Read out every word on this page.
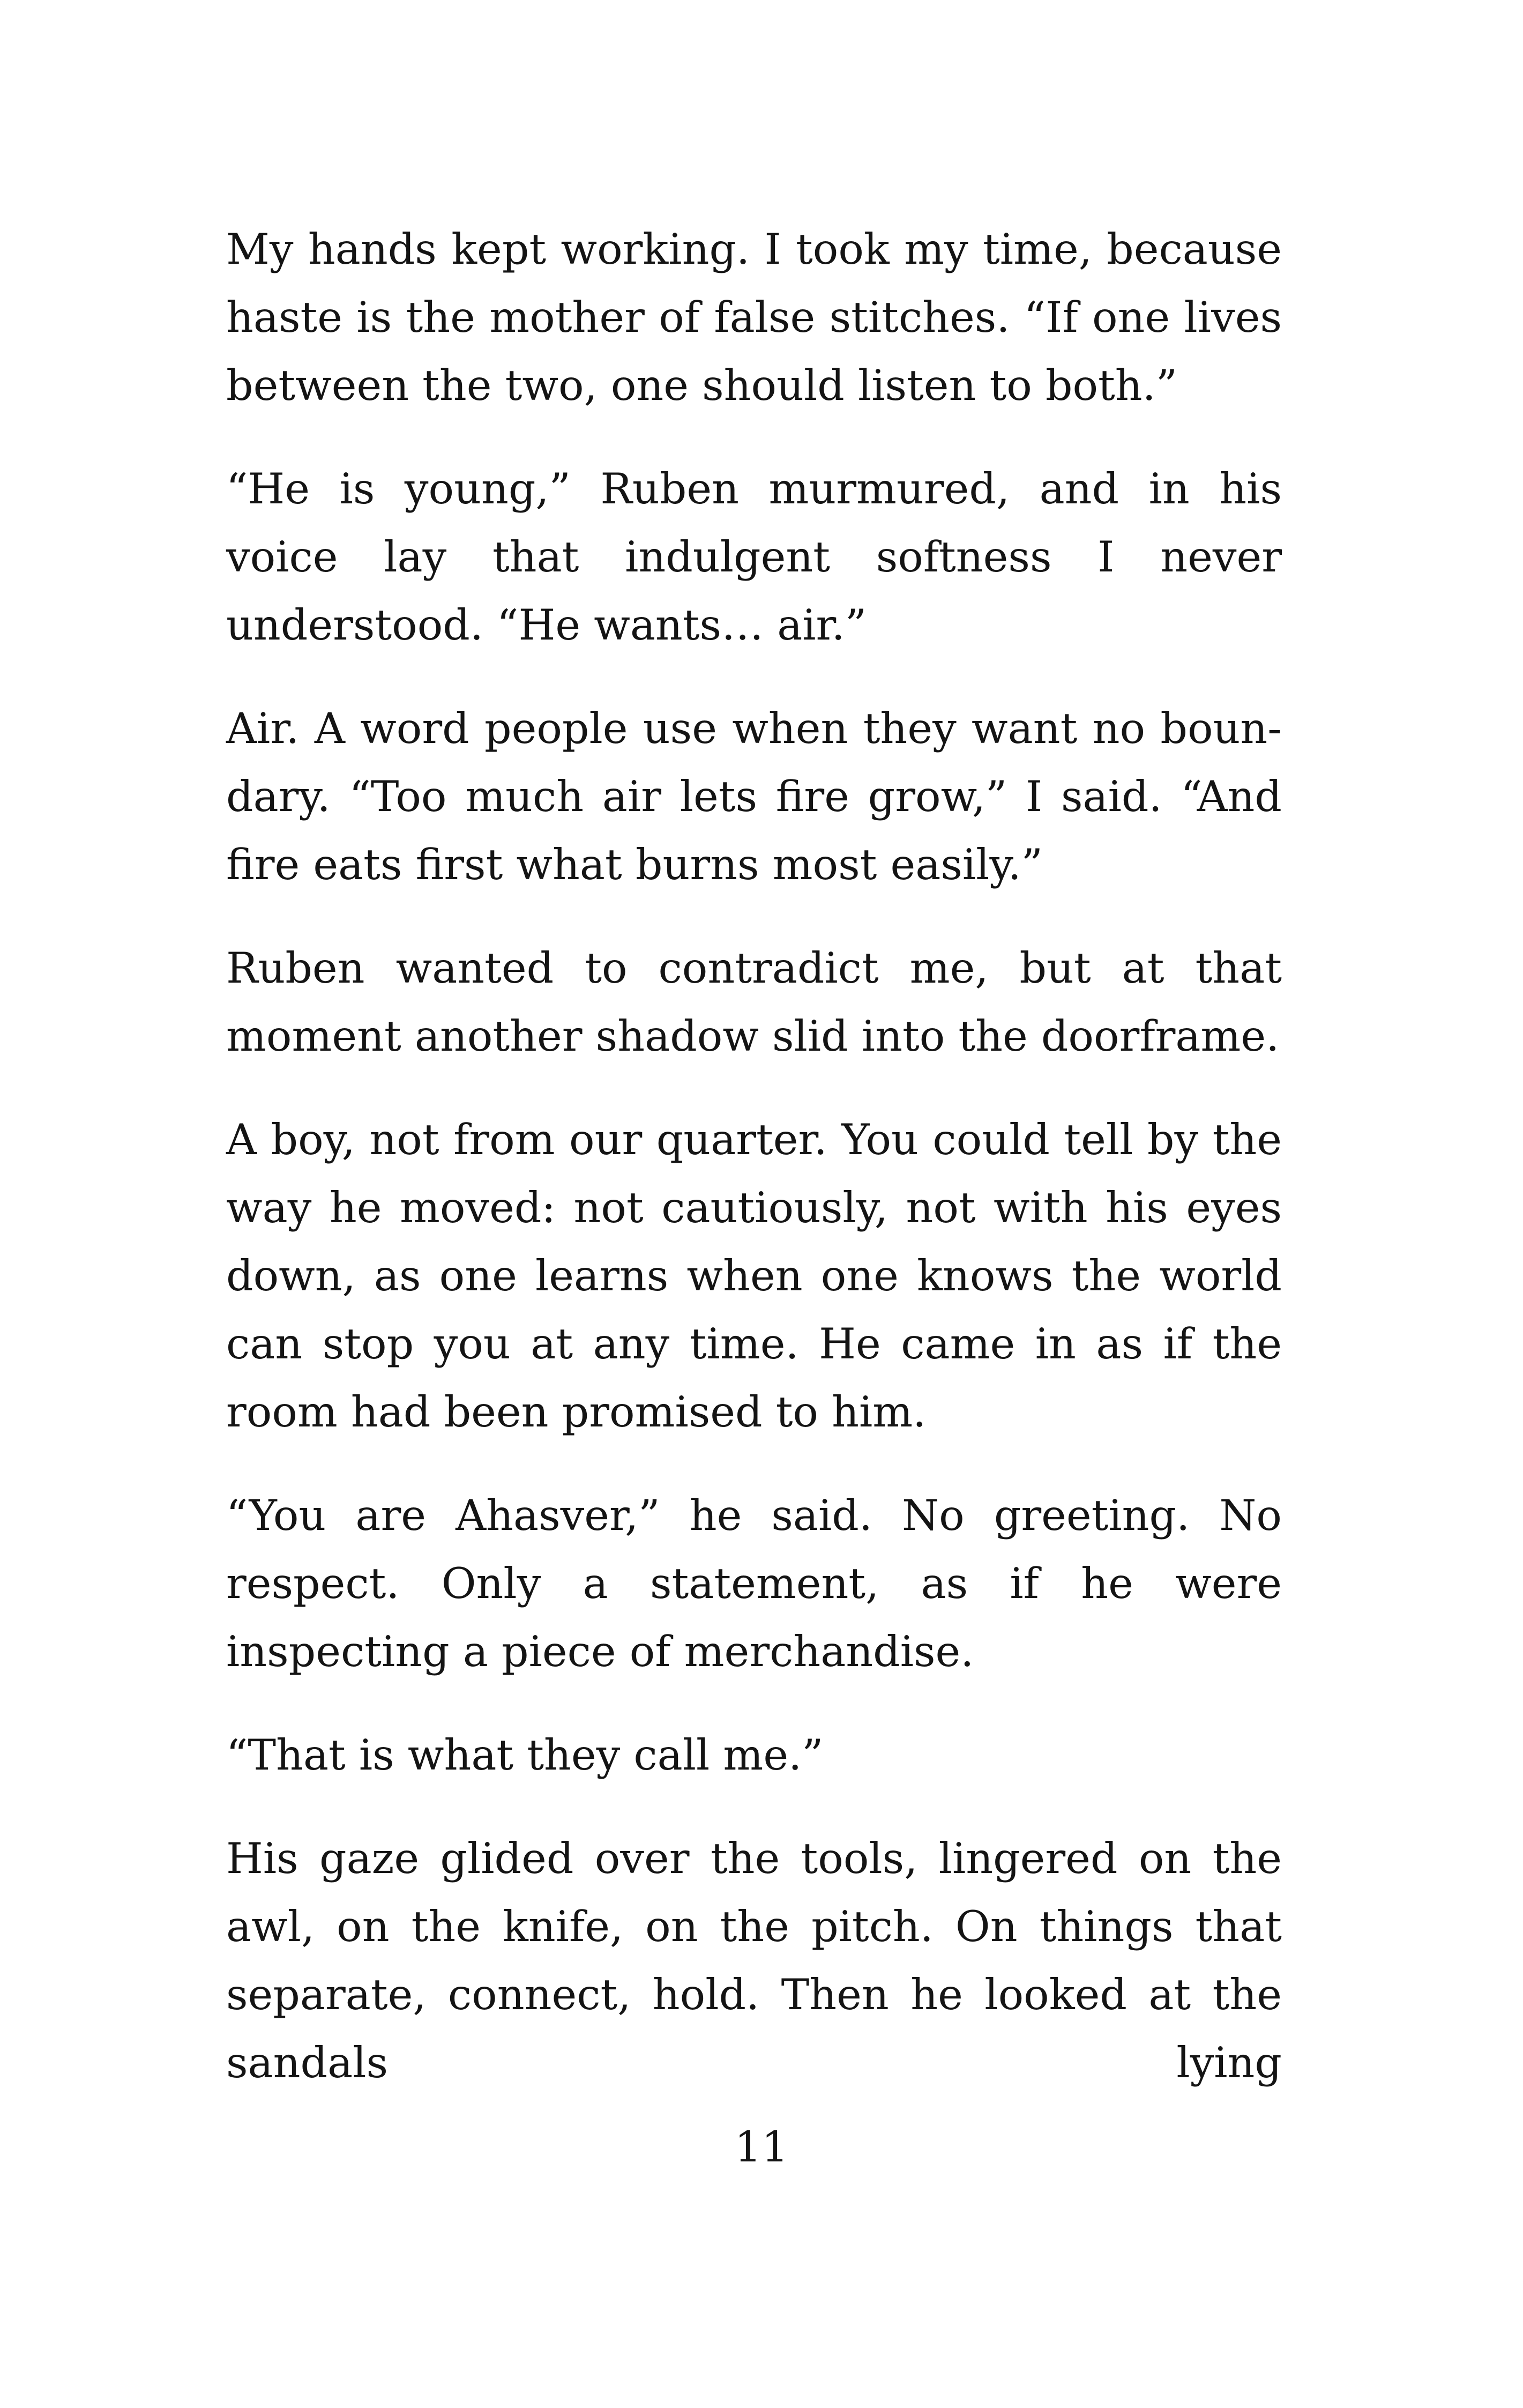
My hands kept working. I took my time, because haste is the mother of false stitches. “If one lives between the two, one should listen to both.”

“He is young,” Ruben murmured, and in his voice lay that indulgent softness I never understood. “He wants… air.”

Air. A word people use when they want no boundary. “Too much air lets fire grow,” I said. “And fire eats first what burns most easily.”

Ruben wanted to contradict me, but at that moment another shadow slid into the doorframe.

A boy, not from our quarter. You could tell by the way he moved: not cautiously, not with his eyes down, as one learns when one knows the world can stop you at any time. He came in as if the room had been promised to him.

“You are Ahasver,” he said. No greeting. No respect. Only a statement, as if he were inspecting a piece of merchandise.

“That is what they call me.”

His gaze glided over the tools, lingered on the awl, on the knife, on the pitch. On things that separate, connect, hold. Then he looked at the sandals lying

11
